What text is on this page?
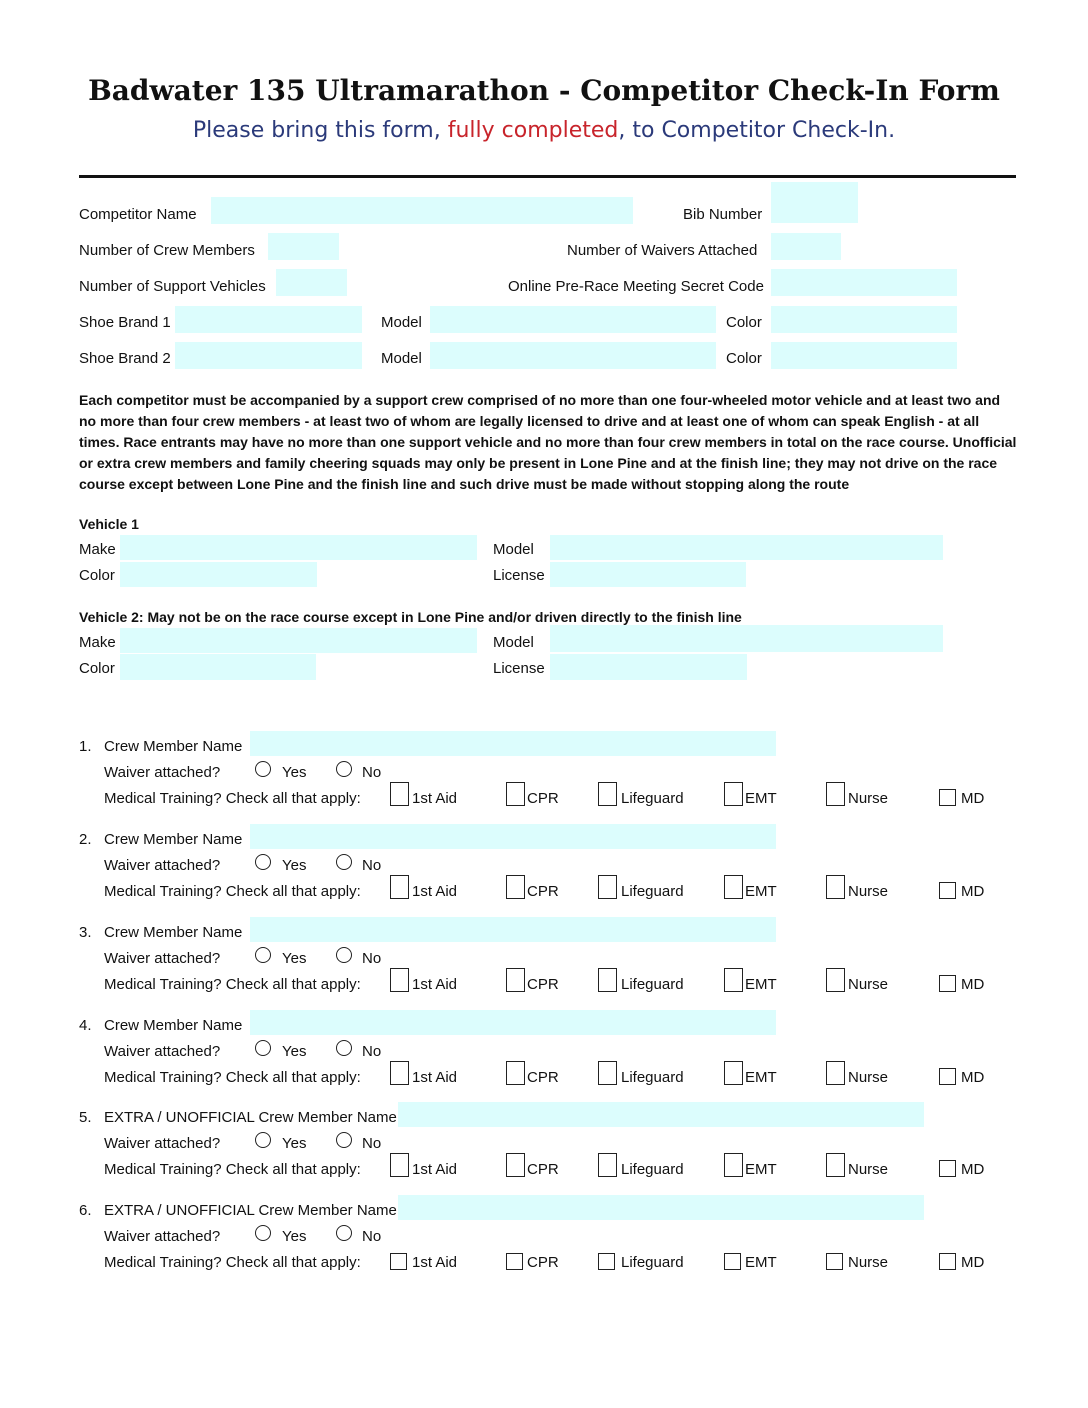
Badwater 135 Ultramarathon - Competitor Check-In Form
Please bring this form, fully completed, to Competitor Check-In.
Competitor Name	Bib Number
Number of Crew Members	Number of Waivers Attached
Number of Support Vehicles	Online Pre-Race Meeting Secret Code
Shoe Brand 1	Model	Color
Shoe Brand 2	Model	Color
Each competitor must be accompanied by a support crew comprised of no more than one four-wheeled motor vehicle and at least two and no more than four crew members - at least two of whom are legally licensed to drive and at least one of whom can speak English - at all times. Race entrants may have no more than one support vehicle and no more than four crew members in total on the race course. Unofficial or extra crew members and family cheering squads may only be present in Lone Pine and at the finish line; they may not drive on the race course except between Lone Pine and the finish line and such drive must be made without stopping along the route
Vehicle 1
Make	Model
Color	License
Vehicle 2: May not be on the race course except in Lone Pine and/or driven directly to the finish line
Make	Model
Color	License
1. Crew Member Name
Waiver attached?	Yes	No
Medical Training? Check all that apply:	1st Aid	CPR	Lifeguard	EMT	Nurse	MD
2. Crew Member Name
Waiver attached?	Yes	No
Medical Training? Check all that apply:	1st Aid	CPR	Lifeguard	EMT	Nurse	MD
3. Crew Member Name
Waiver attached?	Yes	No
Medical Training? Check all that apply:	1st Aid	CPR	Lifeguard	EMT	Nurse	MD
4. Crew Member Name
Waiver attached?	Yes	No
Medical Training? Check all that apply:	1st Aid	CPR	Lifeguard	EMT	Nurse	MD
5. EXTRA / UNOFFICIAL Crew Member Name
Waiver attached?	Yes	No
Medical Training? Check all that apply:	1st Aid	CPR	Lifeguard	EMT	Nurse	MD
6. EXTRA / UNOFFICIAL Crew Member Name
Waiver attached?	Yes	No
Medical Training? Check all that apply:	1st Aid	CPR	Lifeguard	EMT	Nurse	MD
